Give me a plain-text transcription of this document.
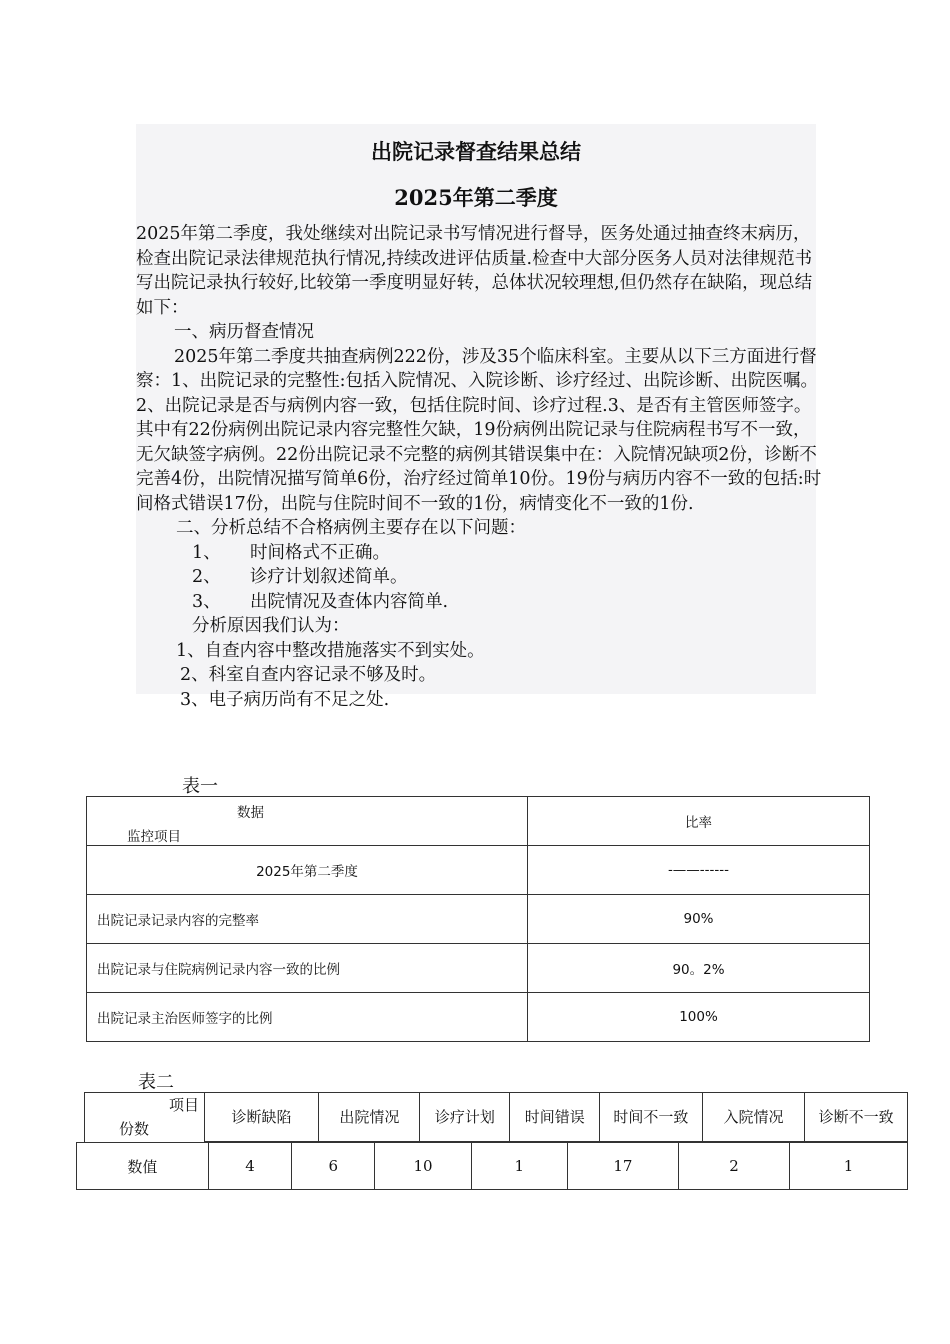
出院记录督查结果总结
2025年第二季度

2025年第二季度，我处继续对出院记录书写情况进行督导，医务处通过抽查终末病历，检查出院记录法律规范执行情况,持续改进评估质量.检查中大部分医务人员对法律规范书写出院记录执行较好,比较第一季度明显好转，总体状况较理想,但仍然存在缺陷，现总结如下：

一、病历督查情况

2025年第二季度共抽查病例222份，涉及35个临床科室。主要从以下三方面进行督察：1、出院记录的完整性:包括入院情况、入院诊断、诊疗经过、出院诊断、出院医嘱。2、出院记录是否与病例内容一致，包括住院时间、诊疗过程.3、是否有主管医师签字。其中有22份病例出院记录内容完整性欠缺，19份病例出院记录与住院病程书写不一致，无欠缺签字病例。22份出院记录不完整的病例其错误集中在：入院情况缺项2份，诊断不完善4份，出院情况描写简单6份，治疗经过简单10份。19份与病历内容不一致的包括:时间格式错误17份，出院与住院时间不一致的1份，病情变化不一致的1份.

二、分析总结不合格病例主要存在以下问题：

1、 时间格式不正确。

2、 诊疗计划叙述简单。

3、 出院情况及查体内容简单.

分析原因我们认为：

1、自查内容中整改措施落实不到实处。

2、科室自查内容记录不够及时。

3、电子病历尚有不足之处.

表一
数据
监控项目	比率
2025年第二季度	-——------
出院记录记录内容的完整率	90%
出院记录与住院病例记录内容一致的比例	90。2%
出院记录主治医师签字的比例	100%
表二
项目
份数
	诊断缺陷	出院情况	诊疗计划	时间错误	时间不一致	入院情况	诊断不一致
数值	4	6	10	1	17	2	1
